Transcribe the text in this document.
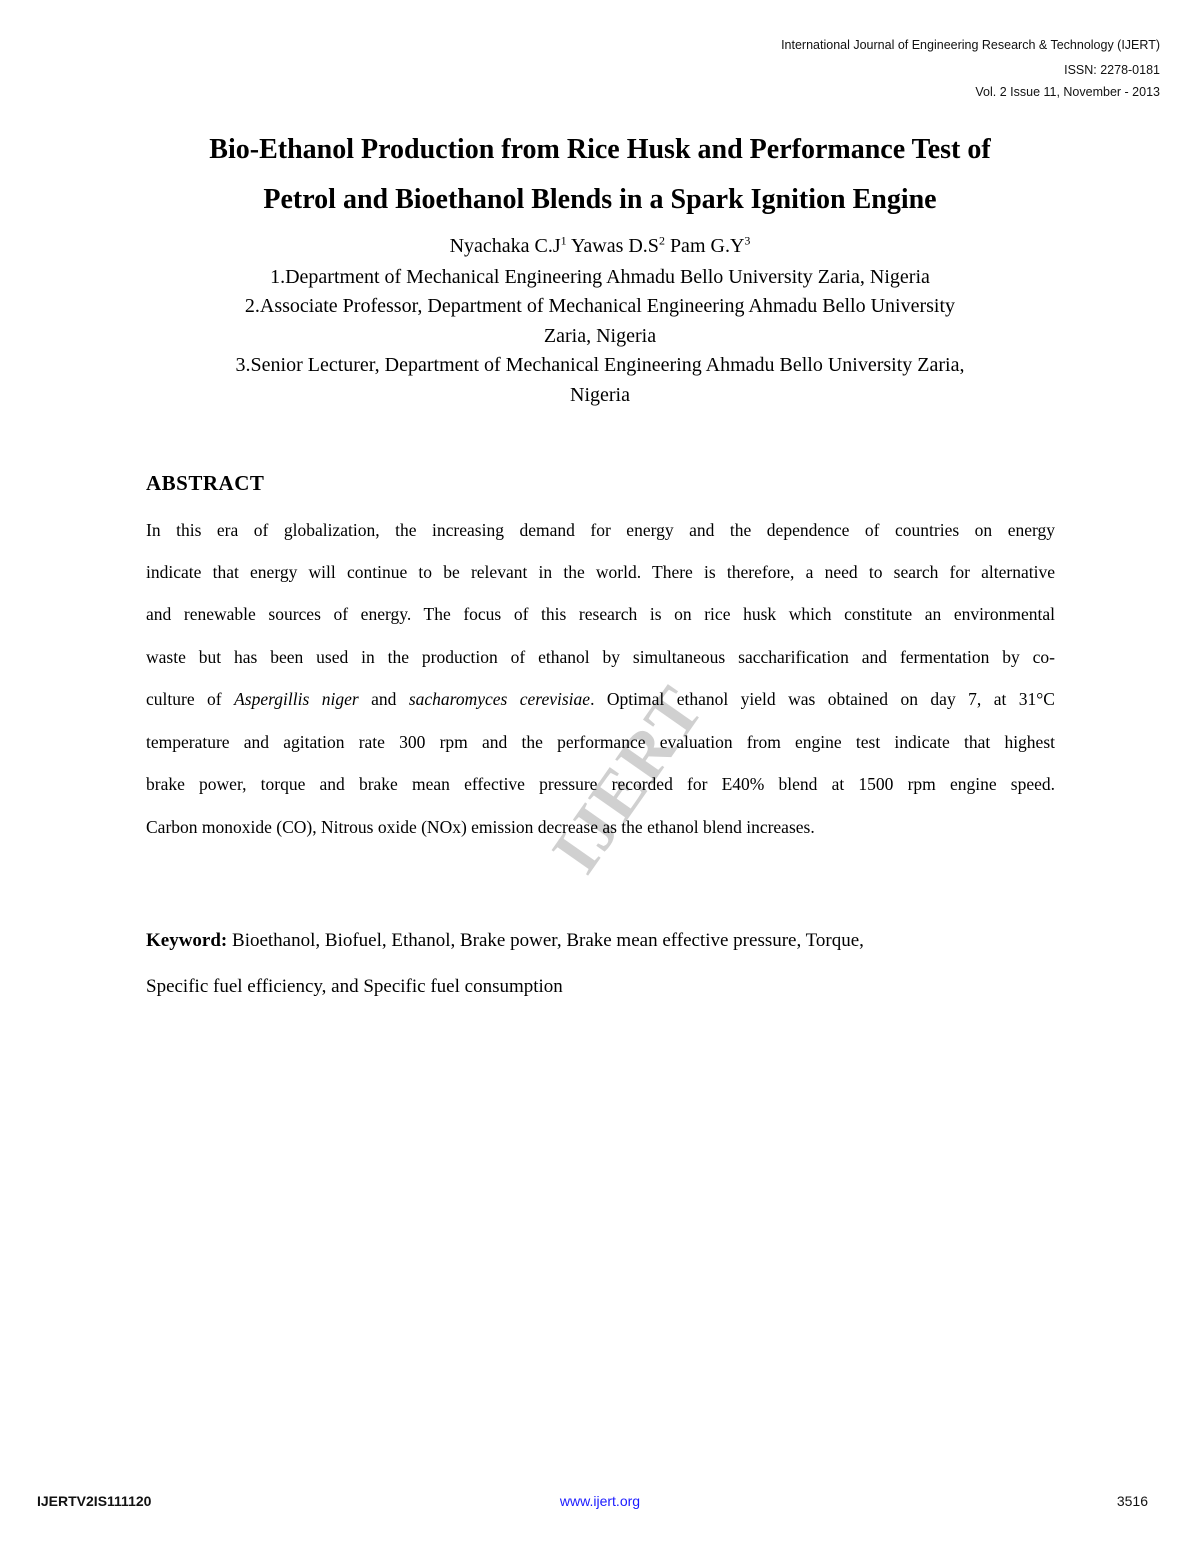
International Journal of Engineering Research & Technology (IJERT)
ISSN: 2278-0181
Vol. 2 Issue 11, November - 2013
Bio-Ethanol Production from Rice Husk and Performance Test of
Petrol and Bioethanol Blends in a Spark Ignition Engine
Nyachaka $C.J^1$ Yawas $D.S^2$ Pam $G.Y^3$
1.Department of Mechanical Engineering Ahmadu Bello University Zaria, Nigeria
2.Associate Professor, Department of Mechanical Engineering Ahmadu Bello University
Zaria, Nigeria
3.Senior Lecturer, Department of Mechanical Engineering Ahmadu Bello University Zaria,
Nigeria
IJERT
ABSTRACT
In this era of globalization, the increasing demand for energy and the dependence of countries on energy
indicate that energy will continue to be relevant in the world. There is therefore, a need to search for alternative
and renewable sources of energy. The focus of this research is on rice husk which constitute an environmental
waste but has been used in the production of ethanol by simultaneous saccharification and fermentation by co-
culture of Aspergillis niger and sacharomyces cerevisiae. Optimal ethanol yield was obtained on day 7, at 31°C
temperature and agitation rate 300 rpm and the performance evaluation from engine test indicate that highest
brake power, torque and brake mean effective pressure recorded for E40% blend at 1500 rpm engine speed.
Carbon monoxide (CO), Nitrous oxide (NOx) emission decrease as the ethanol blend increases.
Keyword: Bioethanol, Biofuel, Ethanol, Brake power, Brake mean effective pressure, Torque,
Specific fuel efficiency, and Specific fuel consumption
IJERTV2IS111120	www.ijert.org	3516
